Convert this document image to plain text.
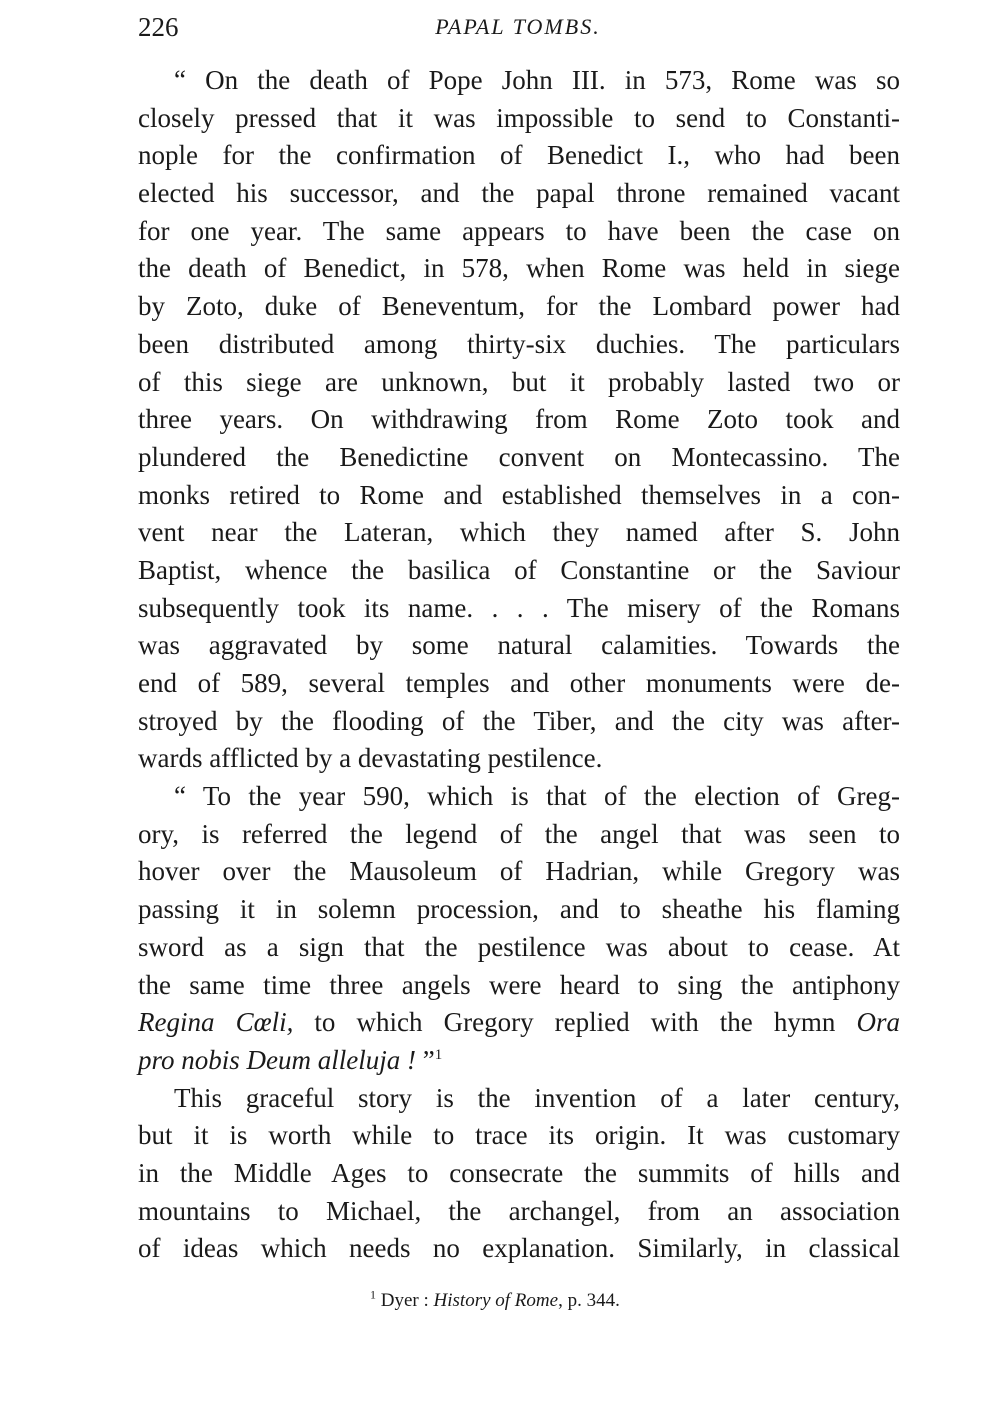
226	PAPAL TOMBS.
“ On the death of Pope John III. in 573, Rome was so
closely pressed that it was impossible to send to Constanti-
nople for the confirmation of Benedict I., who had been
elected his successor, and the papal throne remained vacant
for one year. The same appears to have been the case on
the death of Benedict, in 578, when Rome was held in siege
by Zoto, duke of Beneventum, for the Lombard power had
been distributed among thirty-six duchies. The particulars
of this siege are unknown, but it probably lasted two or
three years. On withdrawing from Rome Zoto took and
plundered the Benedictine convent on Montecassino. The
monks retired to Rome and established themselves in a con-
vent near the Lateran, which they named after S. John
Baptist, whence the basilica of Constantine or the Saviour
subsequently took its name. . . . The misery of the Romans
was aggravated by some natural calamities. Towards the
end of 589, several temples and other monuments were de-
stroyed by the flooding of the Tiber, and the city was after-
wards afflicted by a devastating pestilence.
“ To the year 590, which is that of the election of Greg-
ory, is referred the legend of the angel that was seen to
hover over the Mausoleum of Hadrian, while Gregory was
passing it in solemn procession, and to sheathe his flaming
sword as a sign that the pestilence was about to cease. At
the same time three angels were heard to sing the antiphony
Regina Cœli, to which Gregory replied with the hymn Ora
pro nobis Deum alleluja ! ”$^1$
This graceful story is the invention of a later century,
but it is worth while to trace its origin. It was customary
in the Middle Ages to consecrate the summits of hills and
mountains to Michael, the archangel, from an association
of ideas which needs no explanation. Similarly, in classical
$^1$ Dyer : History of Rome, p. 344.
